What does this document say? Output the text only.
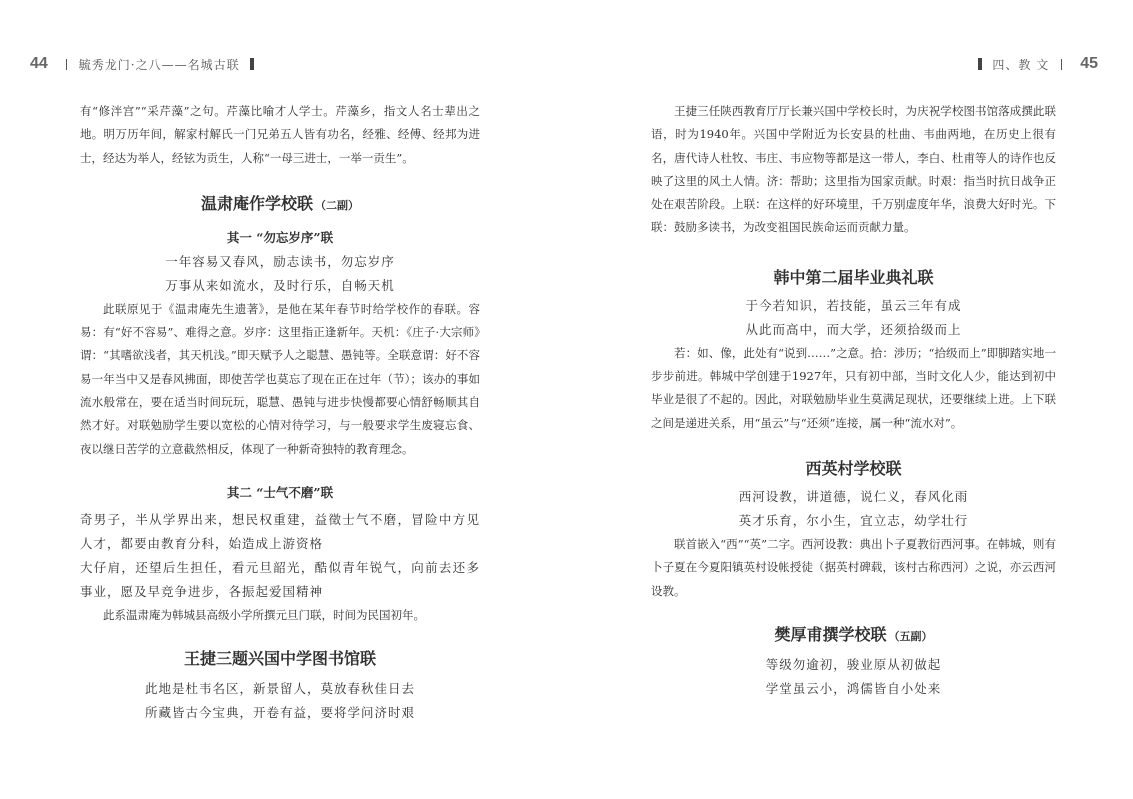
44	毓秀龙门·之八——名城古联

有“修泮宫”“采芹藻”之句。芹藻比喻才人学士。芹藻乡，指文人名士辈出之地。明万历年间，解家村解氏一门兄弟五人皆有功名，经雅、经傅、经邦为进士，经达为举人，经铉为贡生，人称“一母三进士，一举一贡生”。

温肃庵作学校联 （二副）
其一 “勿忘岁序”联
一年容易又春风，励志读书，勿忘岁序
万事从来如流水，及时行乐，自畅天机

此联原见于《温肃庵先生遗著》，是他在某年春节时给学校作的春联。容易：有“好不容易”、难得之意。岁序：这里指正逢新年。天机：《庄子·大宗师》谓：“其嗜欲浅者，其天机浅。”即天赋予人之聪慧、愚钝等。全联意谓：好不容易一年当中又是春风拂面，即使苦学也莫忘了现在正在过年（节）；该办的事如流水般常在，要在适当时间玩玩，聪慧、愚钝与进步快慢都要心情舒畅顺其自然才好。对联勉励学生要以宽松的心情对待学习，与一般要求学生废寝忘食、夜以继日苦学的立意截然相反，体现了一种新奇独特的教育理念。

其二 “士气不磨”联
奇男子，半从学界出来，想民权重建，益徵士气不磨，冒险中方见人才，都要由教育分科，始造成上游资格
大仔肩，还望后生担任，看元旦韶光，酷似青年锐气，向前去还多事业，愿及早竞争进步，各振起爱国精神

此系温肃庵为韩城县高级小学所撰元旦门联，时间为民国初年。

王捷三题兴国中学图书馆联
此地是杜韦名区，新景留人，莫放春秋佳日去
所藏皆古今宝典，开卷有益，要将学问济时艰
四、教 文 45

王捷三任陕西教育厅厅长兼兴国中学校长时，为庆祝学校图书馆落成撰此联语，时为1940年。兴国中学附近为长安县的杜曲、韦曲两地，在历史上很有名，唐代诗人杜牧、韦庄、韦应物等都是这一带人，李白、杜甫等人的诗作也反映了这里的风土人情。济：帮助；这里指为国家贡献。时艰：指当时抗日战争正处在艰苦阶段。上联：在这样的好环境里，千万别虚度年华，浪费大好时光。下联：鼓励多读书，为改变祖国民族命运而贡献力量。

韩中第二届毕业典礼联
于今若知识，若技能，虽云三年有成
从此而高中，而大学，还须拾级而上

若：如、像，此处有“说到……”之意。拾：涉历；“拾级而上”即脚踏实地一步步前进。韩城中学创建于1927年，只有初中部，当时文化人少，能达到初中毕业是很了不起的。因此，对联勉励毕业生莫满足现状，还要继续上进。上下联之间是递进关系，用“虽云”与“还须”连接，属一种“流水对”。

西英村学校联
西河设教，讲道德，说仁义，春风化雨
英才乐育，尔小生，宜立志，幼学壮行

联首嵌入“西”“英”二字。西河设教：典出卜子夏教衍西河事。在韩城，则有卜子夏在今夏阳镇英村设帐授徒（据英村碑载，该村古称西河）之说，亦云西河设教。

樊厚甫撰学校联 （五副）
等级勿逾初，骏业原从初做起
学堂虽云小，鸿儒皆自小处来
